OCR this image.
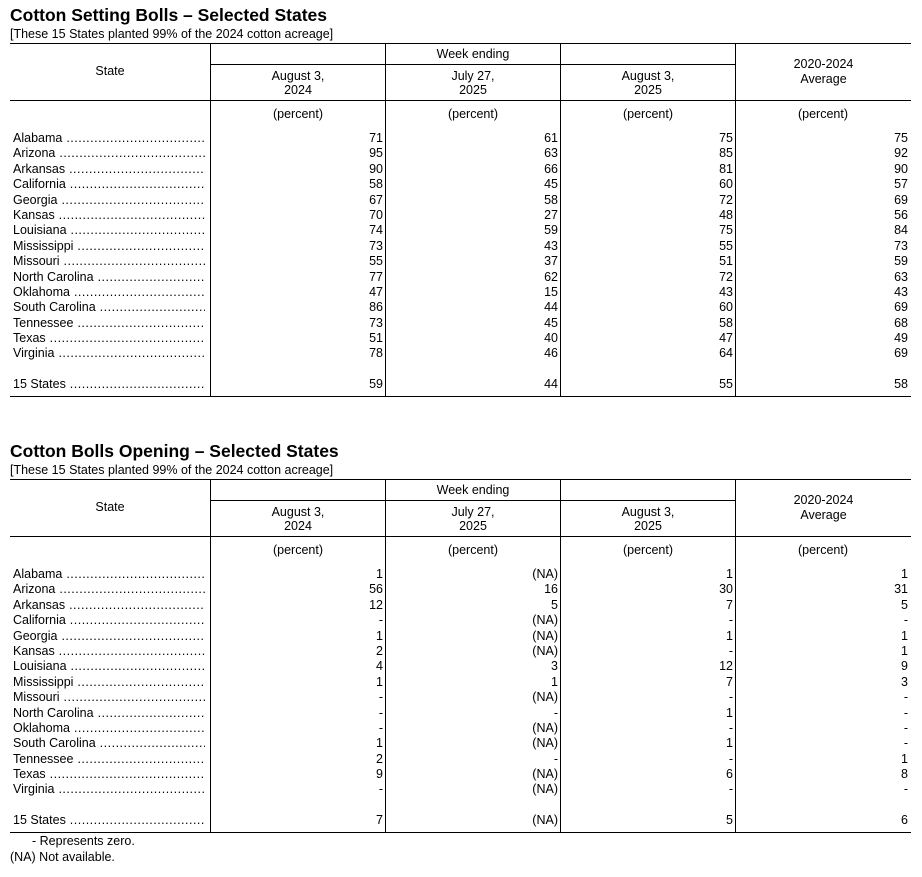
Cotton Setting Bolls – Selected States
[These 15 States planted 99% of the 2024 cotton acreage]
State
Week ending
August 3,
2024
July 27,
2025
August 3,
2025
2020-2024
Average
(percent)	(percent)	(percent)	(percent)
Alabama .....	71	61	75	75
Arizona .....	95	63	85	92
Arkansas .....	90	66	81	90
California .....	58	45	60	57
Georgia .....	67	58	72	69
Kansas .....	70	27	48	56
Louisiana .....	74	59	75	84
Mississippi .....	73	43	55	73
Missouri .....	55	37	51	59
North Carolina .....	77	62	72	63
Oklahoma .....	47	15	43	43
South Carolina .....	86	44	60	69
Tennessee .....	73	45	58	68
Texas .....	51	40	47	49
Virginia .....	78	46	64	69
15 States .....	59	44	55	58
Cotton Bolls Opening – Selected States
[These 15 States planted 99% of the 2024 cotton acreage]
State
Week ending
August 3,
2024
July 27,
2025
August 3,
2025
2020-2024
Average
(percent)	(percent)	(percent)	(percent)
Alabama .....	1	(NA)	1	1
Arizona .....	56	16	30	31
Arkansas .....	12	5	7	5
California .....	-	(NA)	-	-
Georgia .....	1	(NA)	1	1
Kansas .....	2	(NA)	-	1
Louisiana .....	4	3	12	9
Mississippi .....	1	1	7	3
Missouri .....	-	(NA)	-	-
North Carolina .....	-	-	1	-
Oklahoma .....	-	(NA)	-	-
South Carolina .....	1	(NA)	1	-
Tennessee .....	2	-	-	1
Texas .....	9	(NA)	6	8
Virginia .....	-	(NA)	-	-
15 States .....	7	(NA)	5	6
- Represents zero.
(NA) Not available.
